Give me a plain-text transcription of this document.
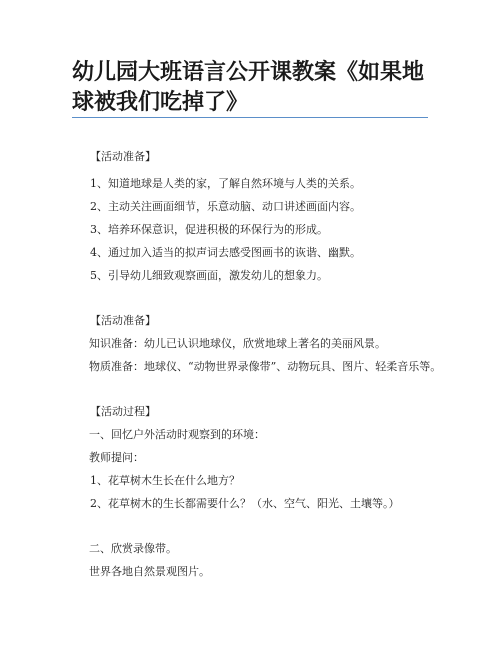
幼儿园大班语言公开课教案《如果地
球被我们吃掉了》
【活动准备】
1、知道地球是人类的家，了解自然环境与人类的关系。
2、主动关注画面细节，乐意动脑、动口讲述画面内容。
3、培养环保意识，促进积极的环保行为的形成。
4、通过加入适当的拟声词去感受图画书的诙谐、幽默。
5、引导幼儿细致观察画面，激发幼儿的想象力。
【活动准备】
知识准备：幼儿已认识地球仪，欣赏地球上著名的美丽风景。
物质准备：地球仪、“动物世界录像带”、动物玩具、图片、轻柔音乐等。
【活动过程】
一、回忆户外活动时观察到的环境：
教师提问：
1、花草树木生长在什么地方？
2、花草树木的生长都需要什么？（水、空气、阳光、土壤等。）
二、欣赏录像带。
世界各地自然景观图片。
